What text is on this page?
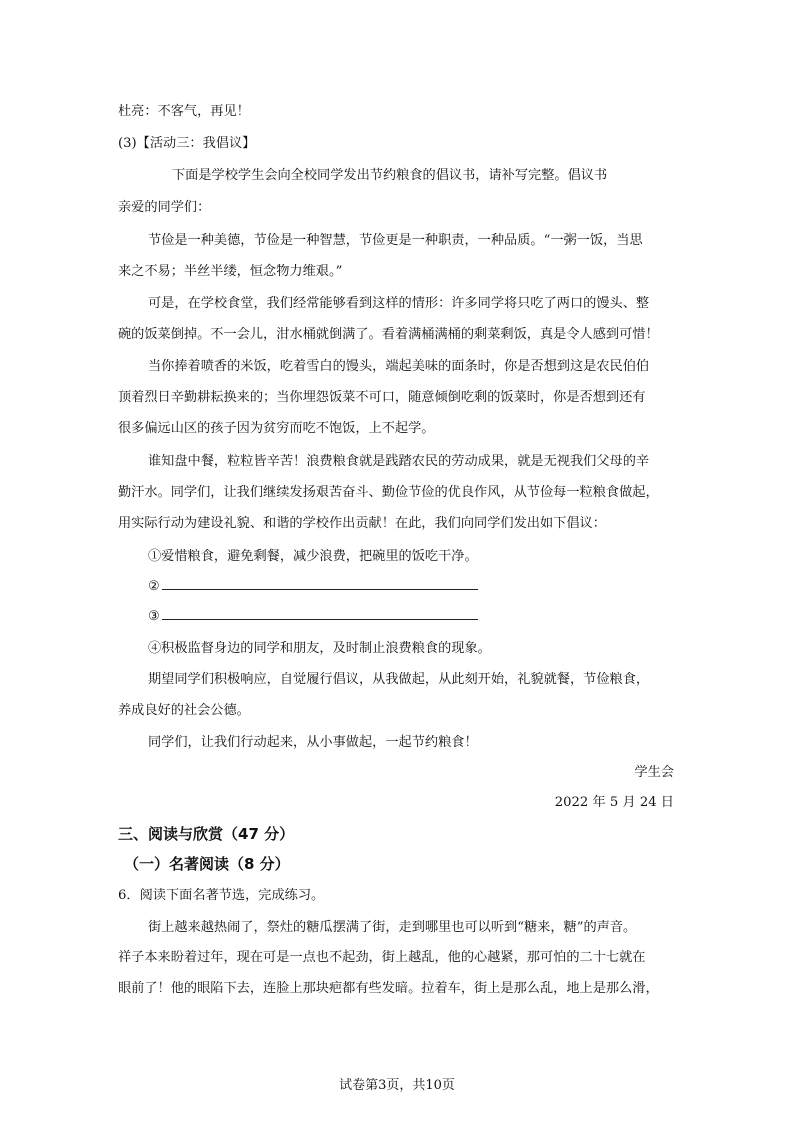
杜亮：不客气，再见！
(3)【活动三：我倡议】
下面是学校学生会向全校同学发出节约粮食的倡议书，请补写完整。倡议书
亲爱的同学们：
节俭是一种美德，节俭是一种智慧，节俭更是一种职责，一种品质。“一粥一饭，当思
来之不易；半丝半缕，恒念物力维艰。”
可是，在学校食堂，我们经常能够看到这样的情形：许多同学将只吃了两口的馒头、整
碗的饭菜倒掉。不一会儿，泔水桶就倒满了。看着满桶满桶的剩菜剩饭，真是令人感到可惜！
当你捧着喷香的米饭，吃着雪白的馒头，端起美味的面条时，你是否想到这是农民伯伯
顶着烈日辛勤耕耘换来的；当你埋怨饭菜不可口，随意倾倒吃剩的饭菜时，你是否想到还有
很多偏远山区的孩子因为贫穷而吃不饱饭，上不起学。
谁知盘中餐，粒粒皆辛苦！浪费粮食就是践踏农民的劳动成果，就是无视我们父母的辛
勤汗水。同学们，让我们继续发扬艰苦奋斗、勤俭节俭的优良作风，从节俭每一粒粮食做起，
用实际行动为建设礼貌、和谐的学校作出贡献！在此，我们向同学们发出如下倡议：
①爱惜粮食，避免剩餐，减少浪费，把碗里的饭吃干净。
②
③
④积极监督身边的同学和朋友，及时制止浪费粮食的现象。
期望同学们积极响应，自觉履行倡议，从我做起，从此刻开始，礼貌就餐，节俭粮食，
养成良好的社会公德。
同学们，让我们行动起来，从小事做起，一起节约粮食！
学生会
2022 年 5 月 24 日
三、阅读与欣赏（47 分）
（一）名著阅读（8 分）
6．阅读下面名著节选，完成练习。
街上越来越热闹了，祭灶的糖瓜摆满了街，走到哪里也可以听到“糖来，糖”的声音。
祥子本来盼着过年，现在可是一点也不起劲，街上越乱，他的心越紧，那可怕的二十七就在
眼前了！他的眼陷下去，连脸上那块疤都有些发暗。拉着车，街上是那么乱，地上是那么滑，
试卷第3页，共10页
